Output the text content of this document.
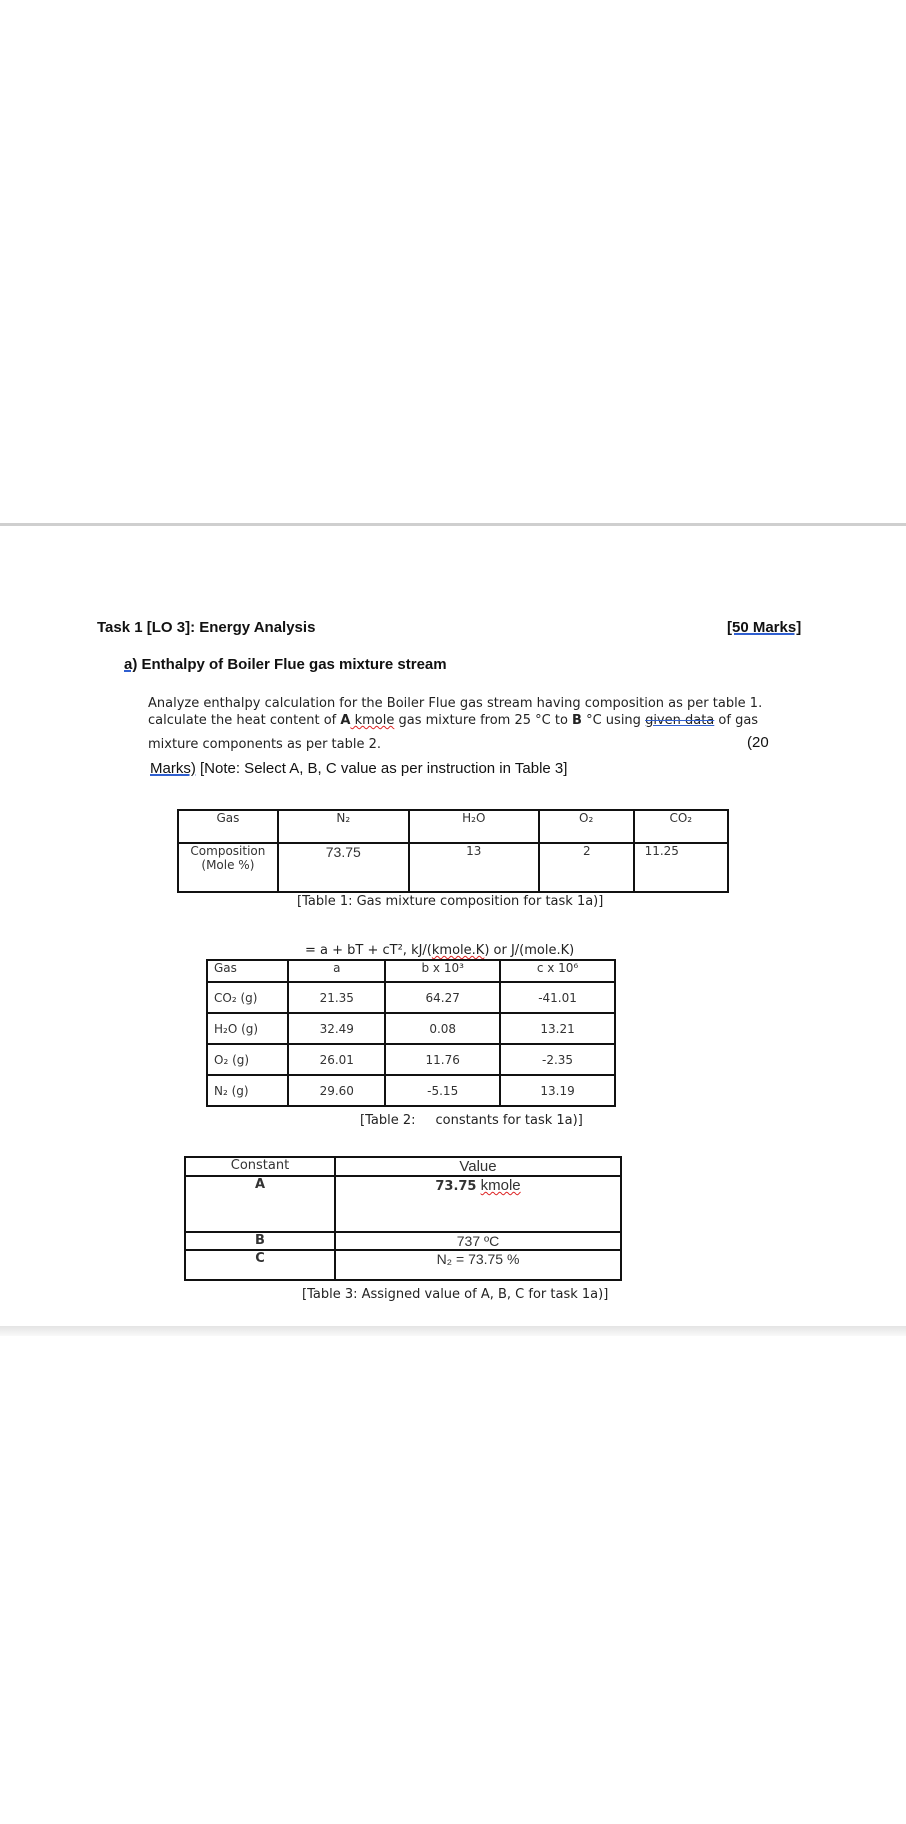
Task 1 [LO 3]: Energy Analysis	[50 Marks]
a) Enthalpy of Boiler Flue gas mixture stream
Analyze enthalpy calculation for the Boiler Flue gas stream having composition as per table 1.
calculate the heat content of A kmole gas mixture from 25 °C to B °C using given data of gas
mixture components as per table 2.	(20
Marks) [Note: Select A, B, C value as per instruction in Table 3]
Gas	N₂	H₂O	O₂	CO₂

Composition
(Mole %)	73.75	13	2	11.25
[Table 1: Gas mixture composition for task 1a)]
= a + bT + cT², kJ/(kmole.K) or J/(mole.K)
Gas	a	b x 10³	c x 10⁶
CO₂ (g)	21.35	64.27	-41.01
H₂O (g)	32.49	0.08	13.21
O₂ (g)	26.01	11.76	-2.35
N₂ (g)	29.60	-5.15	13.19
[Table 2: constants for task 1a)]
Constant	Value
A	73.75 kmole
B	737 ºC
C	N₂ = 73.75 %
[Table 3: Assigned value of A, B, C for task 1a)]
